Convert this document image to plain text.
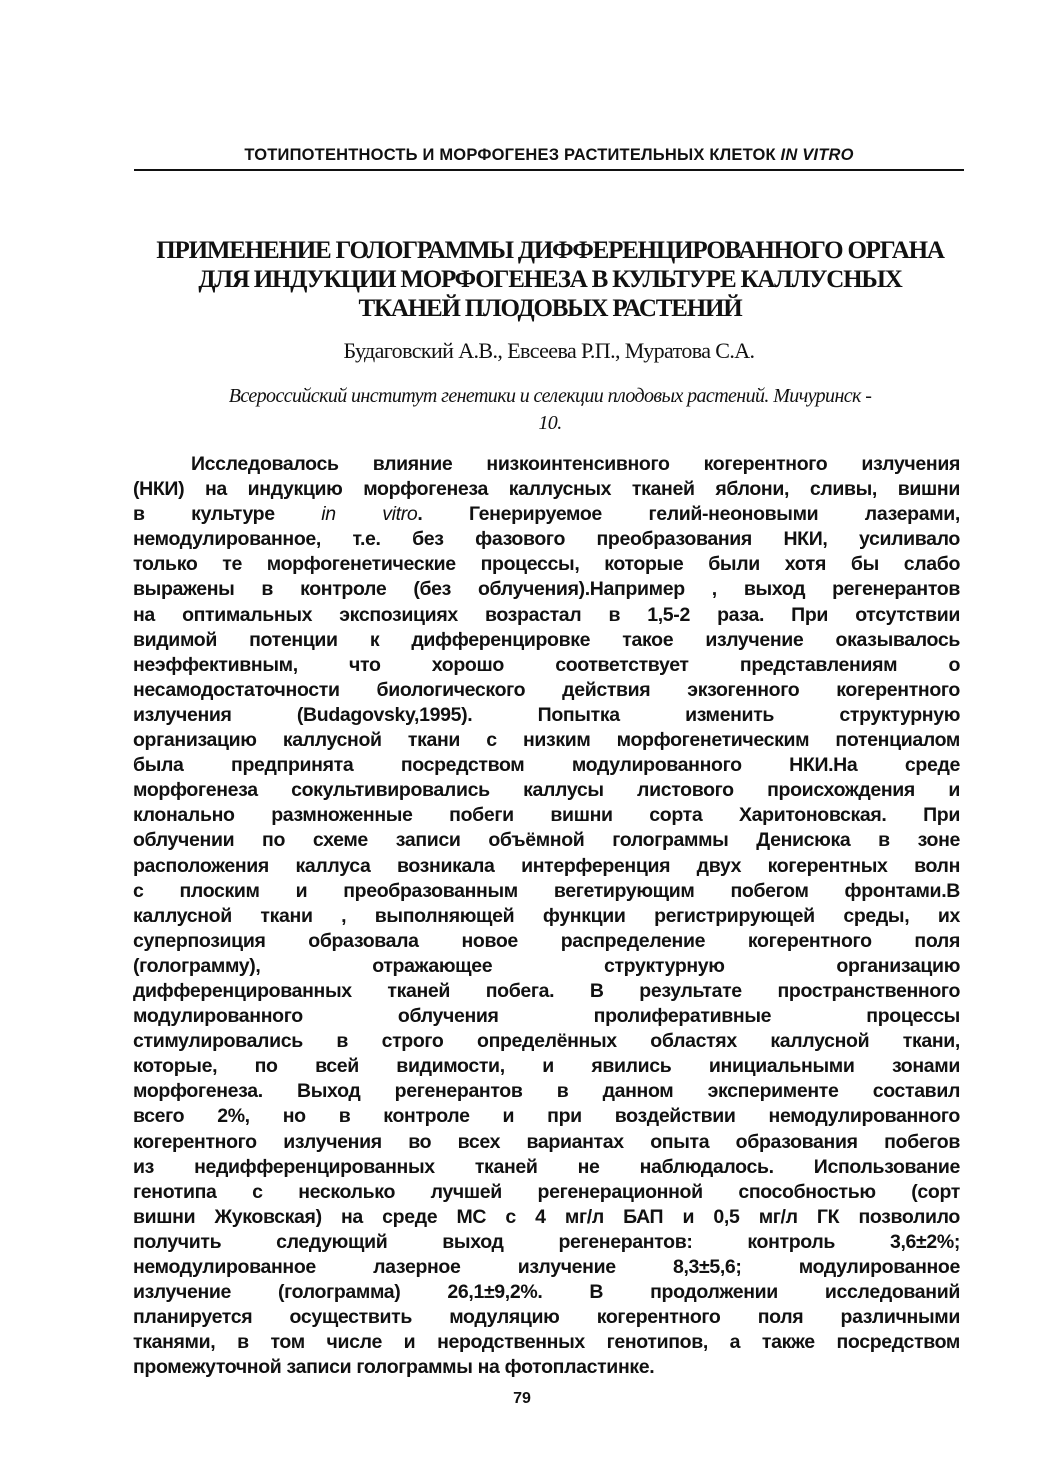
ТОТИПОТЕНТНОСТЬ И МОРФОГЕНЕЗ РАСТИТЕЛЬНЫХ КЛЕТОК IN VITRO
ПРИМЕНЕНИЕ ГОЛОГРАММЫ ДИФФЕРЕНЦИРОВАННОГО ОРГАНА
ДЛЯ ИНДУКЦИИ МОРФОГЕНЕЗА В КУЛЬТУРЕ КАЛЛУСНЫХ
ТКАНЕЙ ПЛОДОВЫХ РАСТЕНИЙ
Будаговский А.В., Евсеева Р.П., Муратова С.А.
Всероссийский институт генетики и селекции плодовых растений. Мичуринск -
10.
Исследовалось влияние низкоинтенсивного когерентного излучения
(НКИ) на индукцию морфогенеза каллусных тканей яблони, сливы, вишни
в культуре in vitro. Генерируемое гелий-неоновыми лазерами,
немодулированное, т.е. без фазового преобразования НКИ, усиливало
только те морфогенетические процессы, которые были хотя бы слабо
выражены в контроле (без облучения).Например , выход регенерантов
на оптимальных экспозициях возрастал в 1,5-2 раза. При отсутствии
видимой потенции к дифференцировке такое излучение оказывалось
неэффективным, что хорошо соответствует представлениям о
несамодостаточности биологического действия экзогенного когерентного
излучения (Budagovsky,1995). Попытка изменить структурную
организацию каллусной ткани с низким морфогенетическим потенциалом
была предпринята посредством модулированного НКИ.На среде
морфогенеза сокультивировались каллусы листового происхождения и
клонально размноженные побеги вишни сорта Харитоновская. При
облучении по схеме записи объёмной голограммы Денисюка в зоне
расположения каллуса возникала интерференция двух когерентных волн
с плоским и преобразованным вегетирующим побегом фронтами.В
каллусной ткани , выполняющей функции регистрирующей среды, их
суперпозиция образовала новое распределение когерентного поля
(голограмму), отражающее структурную организацию
дифференцированных тканей побега. В результате пространственного
модулированного облучения пролиферативные процессы
стимулировались в строго определённых областях каллусной ткани,
которые, по всей видимости, и явились инициальными зонами
морфогенеза. Выход регенерантов в данном эксперименте составил
всего 2%, но в контроле и при воздействии немодулированного
когерентного излучения во всех вариантах опыта образования побегов
из недифференцированных тканей не наблюдалось. Использование
генотипа с несколько лучшей регенерационной способностью (сорт
вишни Жуковская) на среде МС с 4 мг/л БАП и 0,5 мг/л ГК позволило
получить следующий выход регенерантов: контроль 3,6±2%;
немодулированное лазерное излучение 8,3±5,6; модулированное
излучение (голограмма) 26,1±9,2%. В продолжении исследований
планируется осуществить модуляцию когерентного поля различными
тканями, в том числе и неродственных генотипов, а также посредством
промежуточной записи голограммы на фотопластинке.
79
